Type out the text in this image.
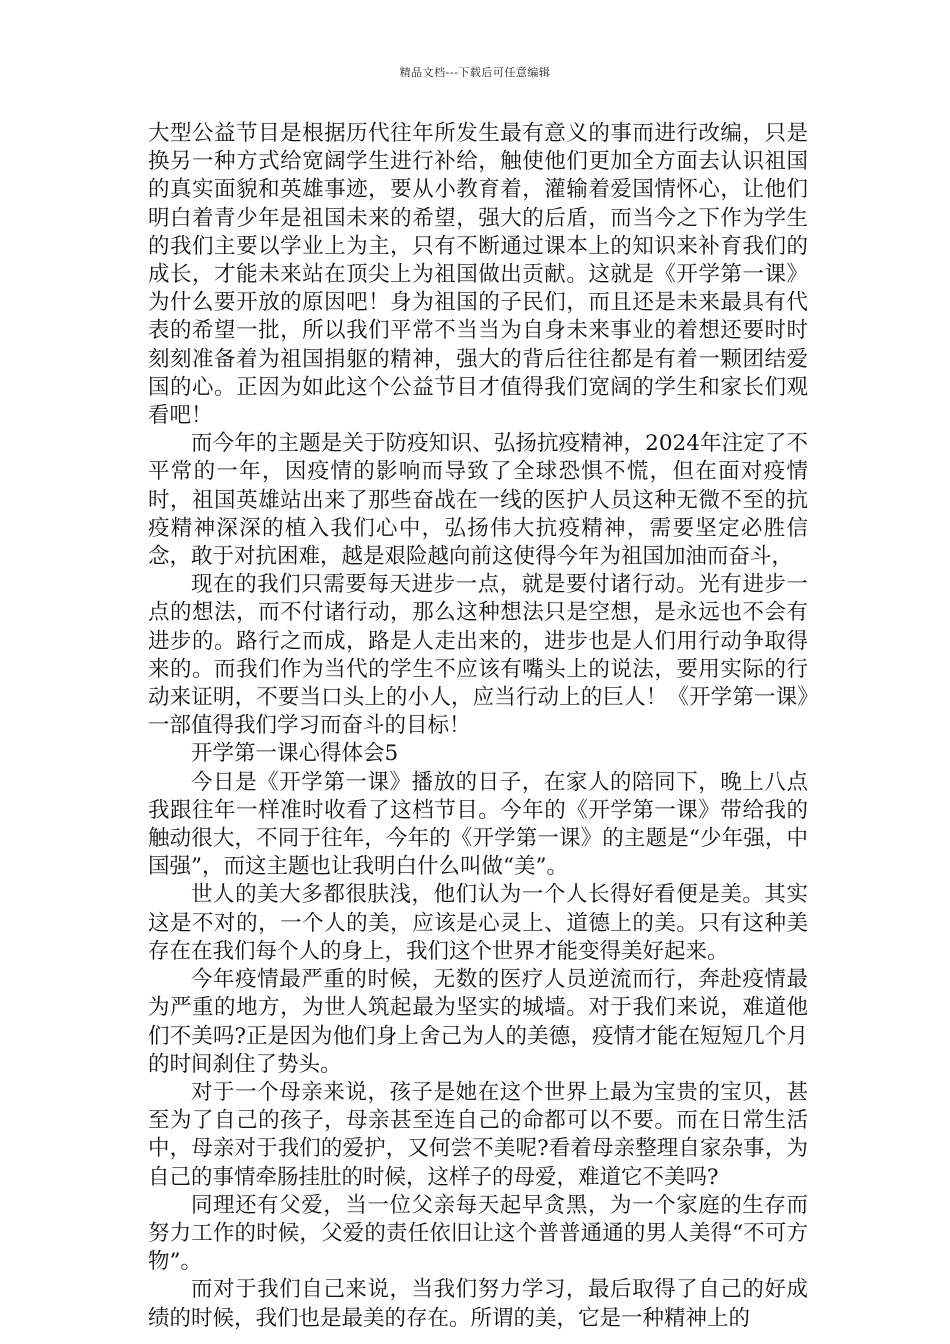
精品文档---下载后可任意编辑

大型公益节目是根据历代往年所发生最有意义的事而进行改编，只是换另一种方式给宽阔学生进行补给，触使他们更加全方面去认识祖国的真实面貌和英雄事迹，要从小教育着，灌输着爱国情怀心，让他们明白着青少年是祖国未来的希望，强大的后盾，而当今之下作为学生的我们主要以学业上为主，只有不断通过课本上的知识来补育我们的成长，才能未来站在顶尖上为祖国做出贡献。这就是《开学第一课》为什么要开放的原因吧！身为祖国的子民们，而且还是未来最具有代表的希望一批，所以我们平常不当当为自身未来事业的着想还要时时刻刻准备着为祖国捐躯的精神，强大的背后往往都是有着一颗团结爱国的心。正因为如此这个公益节目才值得我们宽阔的学生和家长们观看吧！

而今年的主题是关于防疫知识、弘扬抗疫精神，2024年注定了不平常的一年，因疫情的影响而导致了全球恐惧不慌，但在面对疫情时，祖国英雄站出来了那些奋战在一线的医护人员这种无微不至的抗疫精神深深的植入我们心中，弘扬伟大抗疫精神，需要坚定必胜信念，敢于对抗困难，越是艰险越向前这使得今年为祖国加油而奋斗，

现在的我们只需要每天进步一点，就是要付诸行动。光有进步一点的想法，而不付诸行动，那么这种想法只是空想，是永远也不会有进步的。路行之而成，路是人走出来的，进步也是人们用行动争取得来的。而我们作为当代的学生不应该有嘴头上的说法，要用实际的行动来证明，不要当口头上的小人，应当行动上的巨人！《开学第一课》一部值得我们学习而奋斗的目标！

开学第一课心得体会5

今日是《开学第一课》播放的日子，在家人的陪同下，晚上八点我跟往年一样准时收看了这档节目。今年的《开学第一课》带给我的触动很大，不同于往年，今年的《开学第一课》的主题是“少年强，中国强”，而这主题也让我明白什么叫做“美”。

世人的美大多都很肤浅，他们认为一个人长得好看便是美。其实这是不对的，一个人的美，应该是心灵上、道德上的美。只有这种美存在在我们每个人的身上，我们这个世界才能变得美好起来。

今年疫情最严重的时候，无数的医疗人员逆流而行，奔赴疫情最为严重的地方，为世人筑起最为坚实的城墙。对于我们来说，难道他们不美吗?正是因为他们身上舍己为人的美德，疫情才能在短短几个月的时间刹住了势头。

对于一个母亲来说，孩子是她在这个世界上最为宝贵的宝贝，甚至为了自己的孩子，母亲甚至连自己的命都可以不要。而在日常生活中，母亲对于我们的爱护，又何尝不美呢?看着母亲整理自家杂事，为自己的事情牵肠挂肚的时候，这样子的母爱，难道它不美吗?

同理还有父爱，当一位父亲每天起早贪黑，为一个家庭的生存而努力工作的时候，父爱的责任依旧让这个普普通通的男人美得“不可方物”。

而对于我们自己来说，当我们努力学习，最后取得了自己的好成绩的时候，我们也是最美的存在。所谓的美，它是一种精神上的
